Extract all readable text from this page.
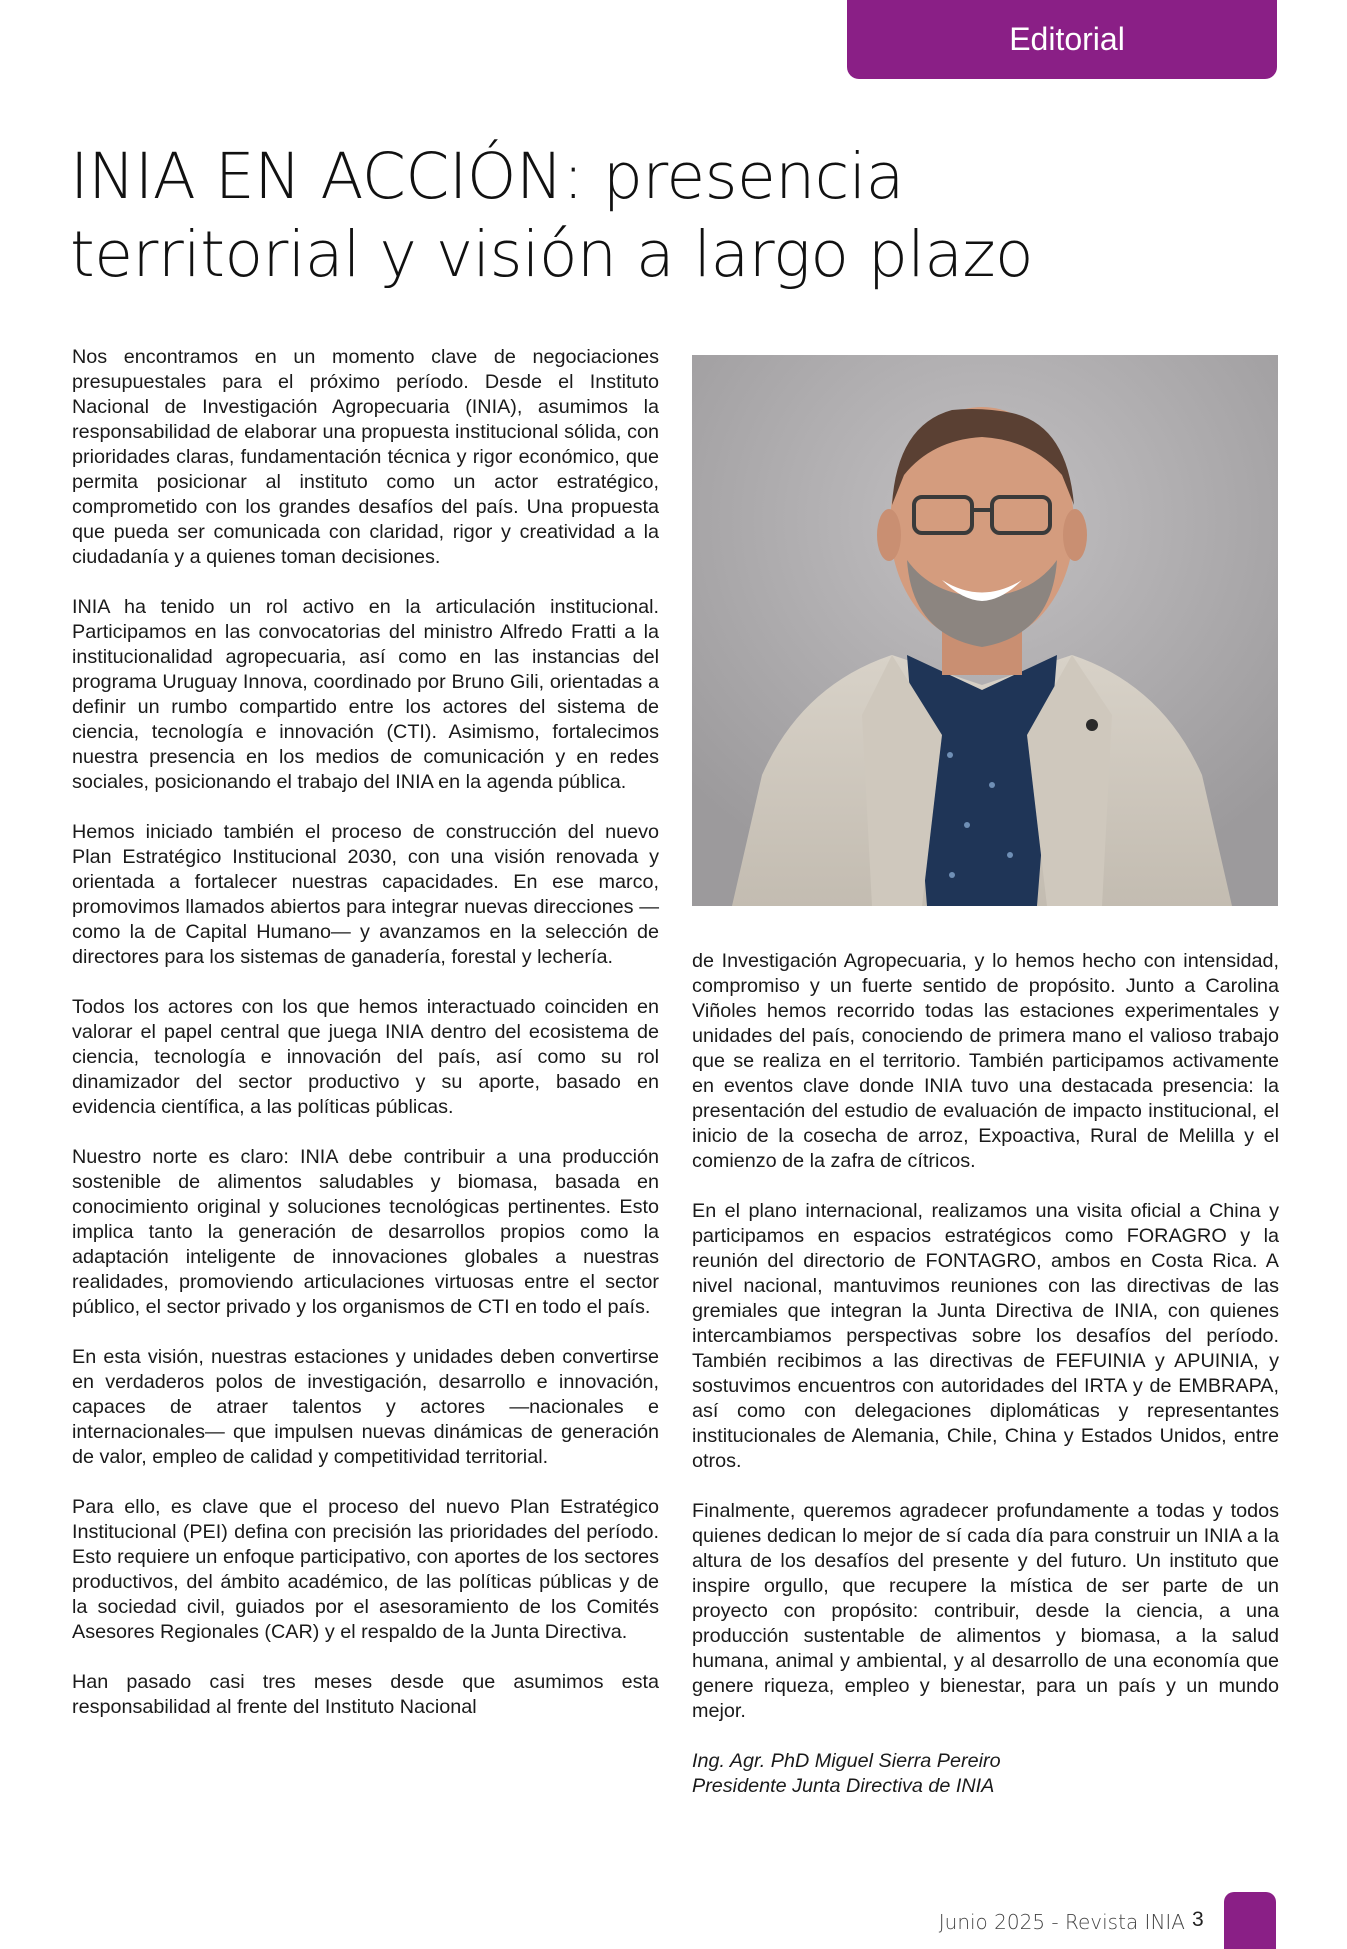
Editorial
INIA EN ACCIÓN: presencia
territorial y visión a largo plazo

Nos encontramos en un momento clave de negociaciones presupuestales para el próximo período. Desde el Instituto Nacional de Investigación Agropecuaria (INIA), asumimos la responsabilidad de elaborar una propuesta institucional sólida, con prioridades claras, fundamentación técnica y rigor económico, que permita posicionar al instituto como un actor estratégico, comprometido con los grandes desafíos del país. Una propuesta que pueda ser comunicada con claridad, rigor y creatividad a la ciudadanía y a quienes toman decisiones.

INIA ha tenido un rol activo en la articulación institucional. Participamos en las convocatorias del ministro Alfredo Fratti a la institucionalidad agropecuaria, así como en las instancias del programa Uruguay Innova, coordinado por Bruno Gili, orientadas a definir un rumbo compartido entre los actores del sistema de ciencia, tecnología e innovación (CTI). Asimismo, fortalecimos nuestra presencia en los medios de comunicación y en redes sociales, posicionando el trabajo del INIA en la agenda pública.

Hemos iniciado también el proceso de construcción del nuevo Plan Estratégico Institucional 2030, con una visión renovada y orientada a fortalecer nuestras capacidades. En ese marco, promovimos llamados abiertos para integrar nuevas direcciones —como la de Capital Humano— y avanzamos en la selección de directores para los sistemas de ganadería, forestal y lechería.

Todos los actores con los que hemos interactuado coinciden en valorar el papel central que juega INIA dentro del ecosistema de ciencia, tecnología e innovación del país, así como su rol dinamizador del sector productivo y su aporte, basado en evidencia científica, a las políticas públicas.

Nuestro norte es claro: INIA debe contribuir a una producción sostenible de alimentos saludables y biomasa, basada en conocimiento original y soluciones tecnológicas pertinentes. Esto implica tanto la generación de desarrollos propios como la adaptación inteligente de innovaciones globales a nuestras realidades, promoviendo articulaciones virtuosas entre el sector público, el sector privado y los organismos de CTI en todo el país.

En esta visión, nuestras estaciones y unidades deben convertirse en verdaderos polos de investigación, desarrollo e innovación, capaces de atraer talentos y actores —nacionales e internacionales— que impulsen nuevas dinámicas de generación de valor, empleo de calidad y competitividad territorial.

Para ello, es clave que el proceso del nuevo Plan Estratégico Institucional (PEI) defina con precisión las prioridades del período. Esto requiere un enfoque participativo, con aportes de los sectores productivos, del ámbito académico, de las políticas públicas y de la sociedad civil, guiados por el asesoramiento de los Comités Asesores Regionales (CAR) y el respaldo de la Junta Directiva.

Han pasado casi tres meses desde que asumimos esta responsabilidad al frente del Instituto Nacional

de Investigación Agropecuaria, y lo hemos hecho con intensidad, compromiso y un fuerte sentido de propósito. Junto a Carolina Viñoles hemos recorrido todas las estaciones experimentales y unidades del país, conociendo de primera mano el valioso trabajo que se realiza en el territorio. También participamos activamente en eventos clave donde INIA tuvo una destacada presencia: la presentación del estudio de evaluación de impacto institucional, el inicio de la cosecha de arroz, Expoactiva, Rural de Melilla y el comienzo de la zafra de cítricos.

En el plano internacional, realizamos una visita oficial a China y participamos en espacios estratégicos como FORAGRO y la reunión del directorio de FONTAGRO, ambos en Costa Rica. A nivel nacional, mantuvimos reuniones con las directivas de las gremiales que integran la Junta Directiva de INIA, con quienes intercambiamos perspectivas sobre los desafíos del período. También recibimos a las directivas de FEFUINIA y APUINIA, y sostuvimos encuentros con autoridades del IRTA y de EMBRAPA, así como con delegaciones diplomáticas y representantes institucionales de Alemania, Chile, China y Estados Unidos, entre otros.

Finalmente, queremos agradecer profundamente a todas y todos quienes dedican lo mejor de sí cada día para construir un INIA a la altura de los desafíos del presente y del futuro. Un instituto que inspire orgullo, que recupere la mística de ser parte de un proyecto con propósito: contribuir, desde la ciencia, a una producción sustentable de alimentos y biomasa, a la salud humana, animal y ambiental, y al desarrollo de una economía que genere riqueza, empleo y bienestar, para un país y un mundo mejor.

Ing. Agr. PhD Miguel Sierra Pereiro

Presidente Junta Directiva de INIA

Junio 2025 - Revista INIA 3
